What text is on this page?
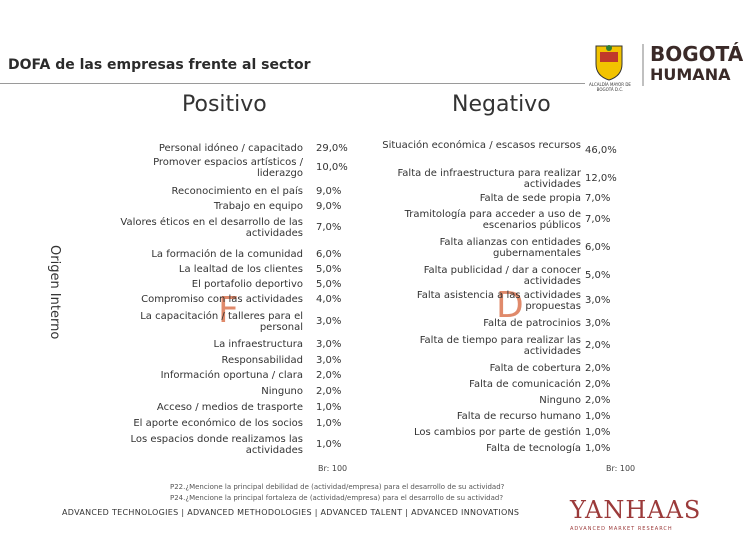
DOFA de las empresas frente al sector
ALCALDÍA MAYOR DE BOGOTÁ D.C.
BOGOTÁ
HUMANA
Positivo	Negativo
Origen Interno	F	D
Personal idóneo / capacitado 29,0%
Promover espacios artísticos / liderazgo
10,0%
Reconocimiento en el país 9,0%
Trabajo en equipo 9,0%
Valores éticos en el desarrollo de las actividades
7,0%
La formación de la comunidad 6,0%
La lealtad de los clientes 5,0%
El portafolio deportivo 5,0%
Compromiso con las actividades 4,0%
La capacitación / talleres para el personal
3,0%
La infraestructura 3,0%
Responsabilidad 3,0%
Información oportuna / clara 2,0%
Ninguno 2,0%
Acceso / medios de trasporte 1,0%
El aporte económico de los socios 1,0%
Los espacios donde realizamos las actividades
1,0%
Situación económica / escasos recursos 46,0%
Falta de infraestructura para realizar actividades
12,0%
Falta de sede propia 7,0%
Tramitología para acceder a uso de escenarios públicos
7,0%
Falta alianzas con entidades gubernamentales
6,0%
Falta publicidad / dar a conocer actividades
5,0%
Falta asistencia a las actividades propuestas
3,0%
Falta de patrocinios 3,0%
Falta de tiempo para realizar las actividades
2,0%
Falta de cobertura 2,0%
Falta de comunicación 2,0%
Ninguno 2,0%
Falta de recurso humano 1,0%
Los cambios por parte de gestión 1,0%
Falta de tecnología 1,0%
Br: 100	Br: 100
P22.¿Mencione la principal debilidad de (actividad/empresa) para el desarrollo de su actividad?
P24.¿Mencione la principal fortaleza de (actividad/empresa) para el desarrollo de su actividad?
ADVANCED TECHNOLOGIES | ADVANCED METHODOLOGIES | ADVANCED TALENT | ADVANCED INNOVATIONS YANHAAS
ADVANCED MARKET RESEARCH
